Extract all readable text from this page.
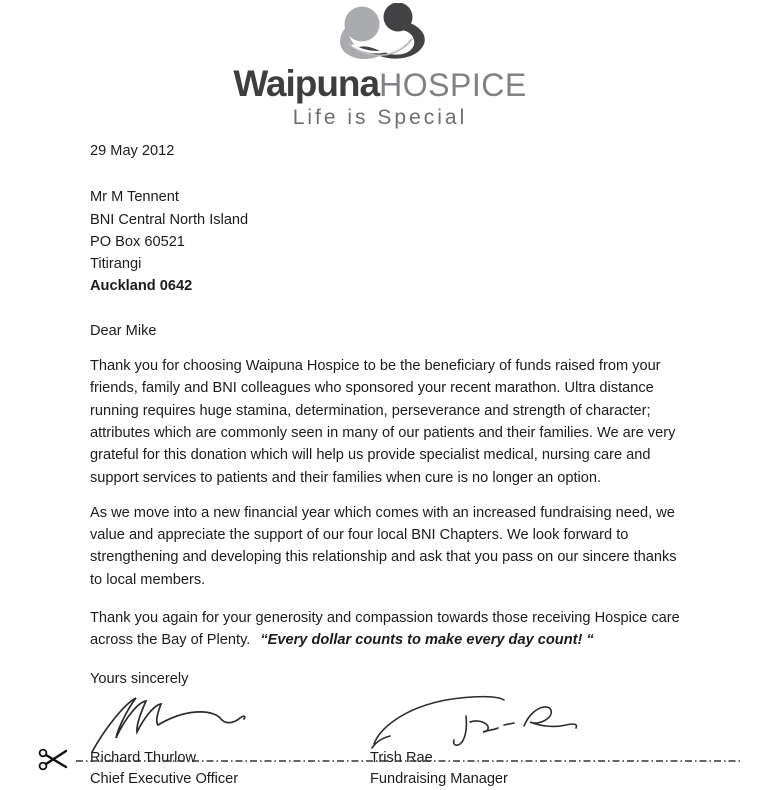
WaipunaHOSPICE
Life is Special
29 May 2012
Mr M Tennent
BNI Central North Island
PO Box 60521
Titirangi
Auckland 0642
Dear Mike

Thank you for choosing Waipuna Hospice to be the beneficiary of funds raised from your friends, family and BNI colleagues who sponsored your recent marathon. Ultra distance running requires huge stamina, determination, perseverance and strength of character; attributes which are commonly seen in many of our patients and their families. We are very grateful for this donation which will help us provide specialist medical, nursing care and support services to patients and their families when cure is no longer an option.

As we move into a new financial year which comes with an increased fundraising need, we value and appreciate the support of our four local BNI Chapters. We look forward to strengthening and developing this relationship and ask that you pass on our sincere thanks to local members.

Thank you again for your generosity and compassion towards those receiving Hospice care across the Bay of Plenty. “Every dollar counts to make every day count! “

Yours sincerely
Richard Thurlow
Chief Executive Officer
Trish Rae
Fundraising Manager
